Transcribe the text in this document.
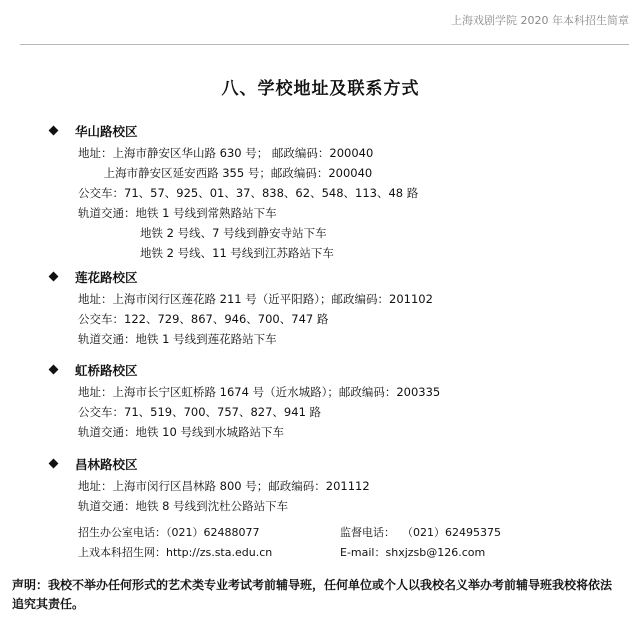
上海戏剧学院 2020 年本科招生简章
八、学校地址及联系方式
华山路校区
地址：上海市静安区华山路 630 号； 邮政编码：200040
上海市静安区延安西路 355 号；邮政编码：200040
公交车：71、57、925、01、37、838、62、548、113、48 路
轨道交通：地铁 1 号线到常熟路站下车
地铁 2 号线、7 号线到静安寺站下车
地铁 2 号线、11 号线到江苏路站下车
莲花路校区
地址：上海市闵行区莲花路 211 号（近平阳路）；邮政编码：201102
公交车：122、729、867、946、700、747 路
轨道交通：地铁 1 号线到莲花路站下车
虹桥路校区
地址：上海市长宁区虹桥路 1674 号（近水城路）；邮政编码：200335
公交车：71、519、700、757、827、941 路
轨道交通：地铁 10 号线到水城路站下车
昌林路校区
地址：上海市闵行区昌林路 800 号；邮政编码：201112
轨道交通：地铁 8 号线到沈杜公路站下车
招生办公室电话：（021）62488077	监督电话：  （021）62495375
上戏本科招生网：http://zs.sta.edu.cn	E-mail：shxjzsb@126.com
声明：我校不举办任何形式的艺术类专业考试考前辅导班，任何单位或个人以我校名义举办考前辅导班我校将依法追究其责任。
